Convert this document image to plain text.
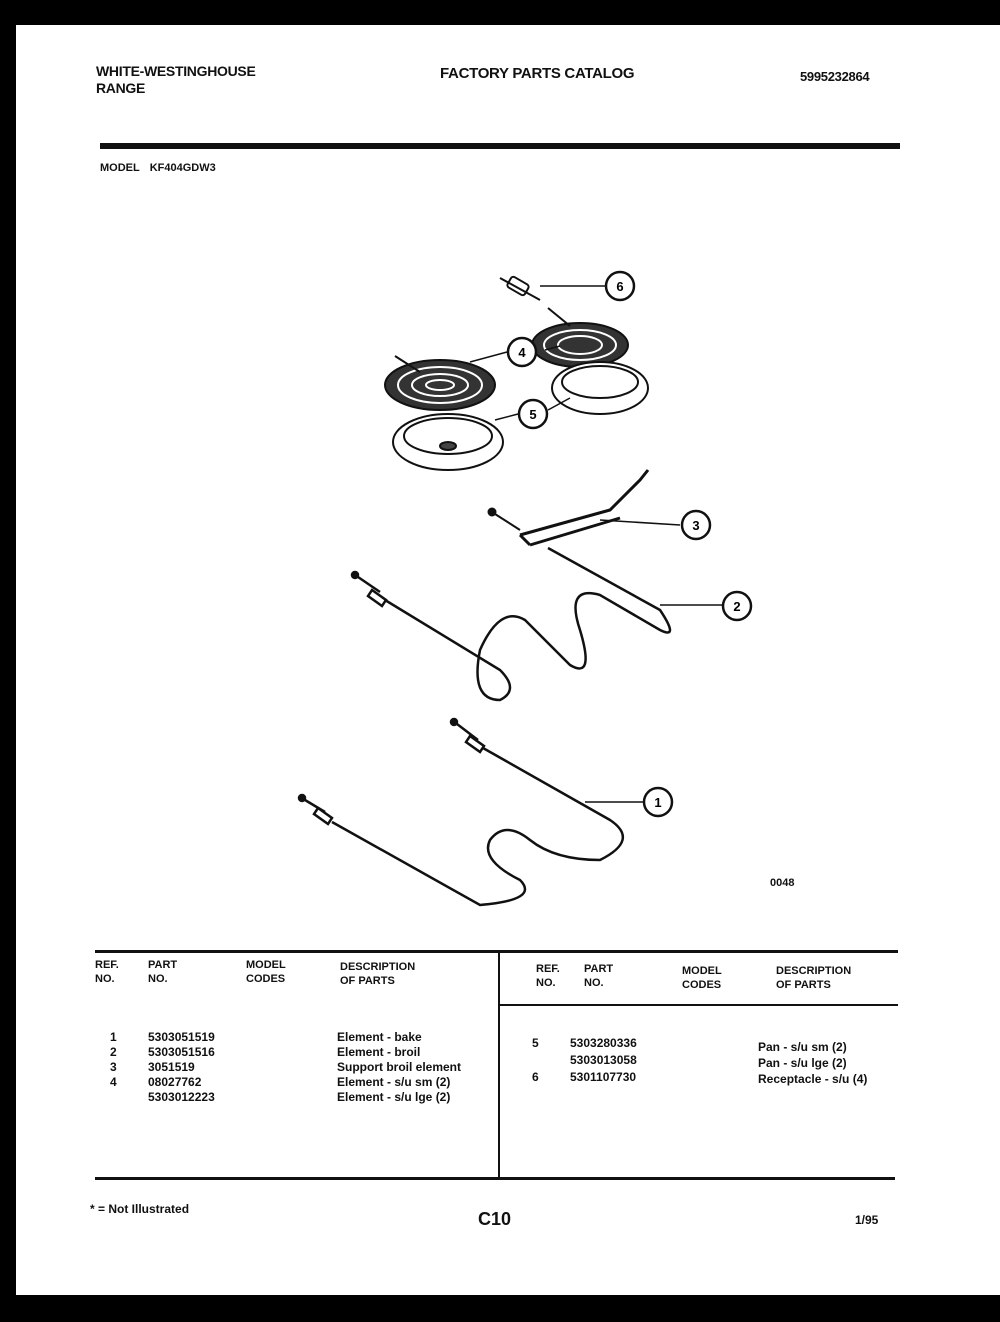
WHITE-WESTINGHOUSE
RANGE
FACTORY PARTS CATALOG	5995232864
MODEL KF404GDW3
6
4
5
3
2
1
0048
REF.
NO.
PART
NO.
MODEL
CODES
DESCRIPTION
OF PARTS
REF.
NO.
PART
NO.
MODEL
CODES
DESCRIPTION
OF PARTS
1	5303051519	Element - bake
2	5303051516	Element - broil
3	3051519	Support broil element
4	08027762	Element - s/u sm (2)
5303012223	Element - s/u lge (2)
5	5303280336	Pan - s/u sm (2)
5303013058	Pan - s/u lge (2)
6	5301107730	Receptacle - s/u (4)
* = Not Illustrated	C10	1/95
